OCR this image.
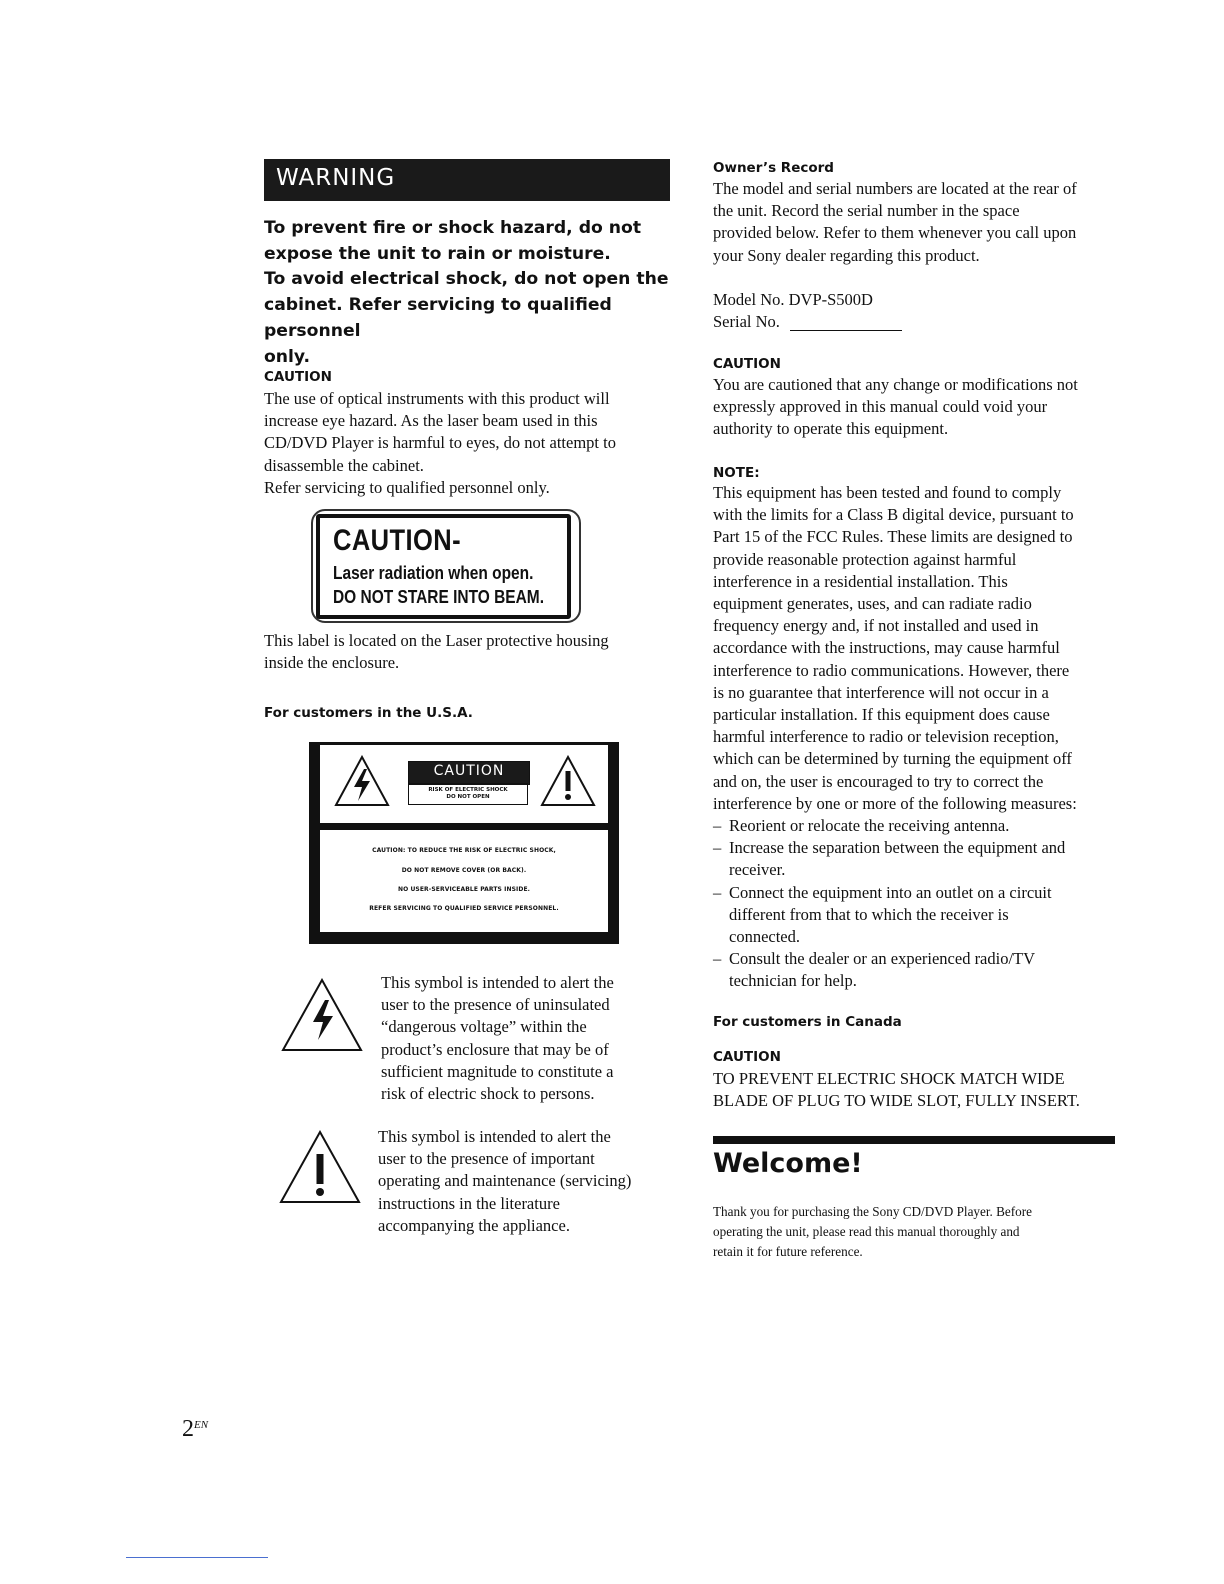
WARNING

To prevent fire or shock hazard, do not

expose the unit to rain or moisture.

To avoid electrical shock, do not open the

cabinet. Refer servicing to qualified personnel

only.

CAUTION

The use of optical instruments with this product will

increase eye hazard. As the laser beam used in this

CD/DVD Player is harmful to eyes, do not attempt to

disassemble the cabinet.

Refer servicing to qualified personnel only.

CAUTION-
Laser radiation when open.
DO NOT STARE INTO BEAM.
This label is located on the Laser protective housing
inside the enclosure.
For customers in the U.S.A.
CAUTION
RISK OF ELECTRIC SHOCK
DO NOT OPEN
CAUTION: TO REDUCE THE RISK OF ELECTRIC SHOCK,
DO NOT REMOVE COVER (OR BACK).
NO USER-SERVICEABLE PARTS INSIDE.
REFER SERVICING TO QUALIFIED SERVICE PERSONNEL.
This symbol is intended to alert the
user to the presence of uninsulated
“dangerous voltage” within the
product’s enclosure that may be of
sufficient magnitude to constitute a
risk of electric shock to persons.
This symbol is intended to alert the
user to the presence of important
operating and maintenance (servicing)
instructions in the literature
accompanying the appliance.
Owner’s Record
The model and serial numbers are located at the rear of
the unit. Record the serial number in the space
provided below. Refer to them whenever you call upon
your Sony dealer regarding this product.
Model No. DVP-S500D
Serial No.
CAUTION
You are cautioned that any change or modifications not
expressly approved in this manual could void your
authority to operate this equipment.
NOTE:
This equipment has been tested and found to comply
with the limits for a Class B digital device, pursuant to
Part 15 of the FCC Rules. These limits are designed to
provide reasonable protection against harmful
interference in a residential installation. This
equipment generates, uses, and can radiate radio
frequency energy and, if not installed and used in
accordance with the instructions, may cause harmful
interference to radio communications. However, there
is no guarantee that interference will not occur in a
particular installation. If this equipment does cause
harmful interference to radio or television reception,
which can be determined by turning the equipment off
and on, the user is encouraged to try to correct the
interference by one or more of the following measures:
– Reorient or relocate the receiving antenna.
– Increase the separation between the equipment and
receiver.
– Connect the equipment into an outlet on a circuit
different from that to which the receiver is
connected.
– Consult the dealer or an experienced radio/TV
technician for help.
For customers in Canada
CAUTION
TO PREVENT ELECTRIC SHOCK MATCH WIDE
BLADE OF PLUG TO WIDE SLOT, FULLY INSERT.
Welcome!
Thank you for purchasing the Sony CD/DVD Player. Before
operating the unit, please read this manual thoroughly and
retain it for future reference.
$2^{EN}$
